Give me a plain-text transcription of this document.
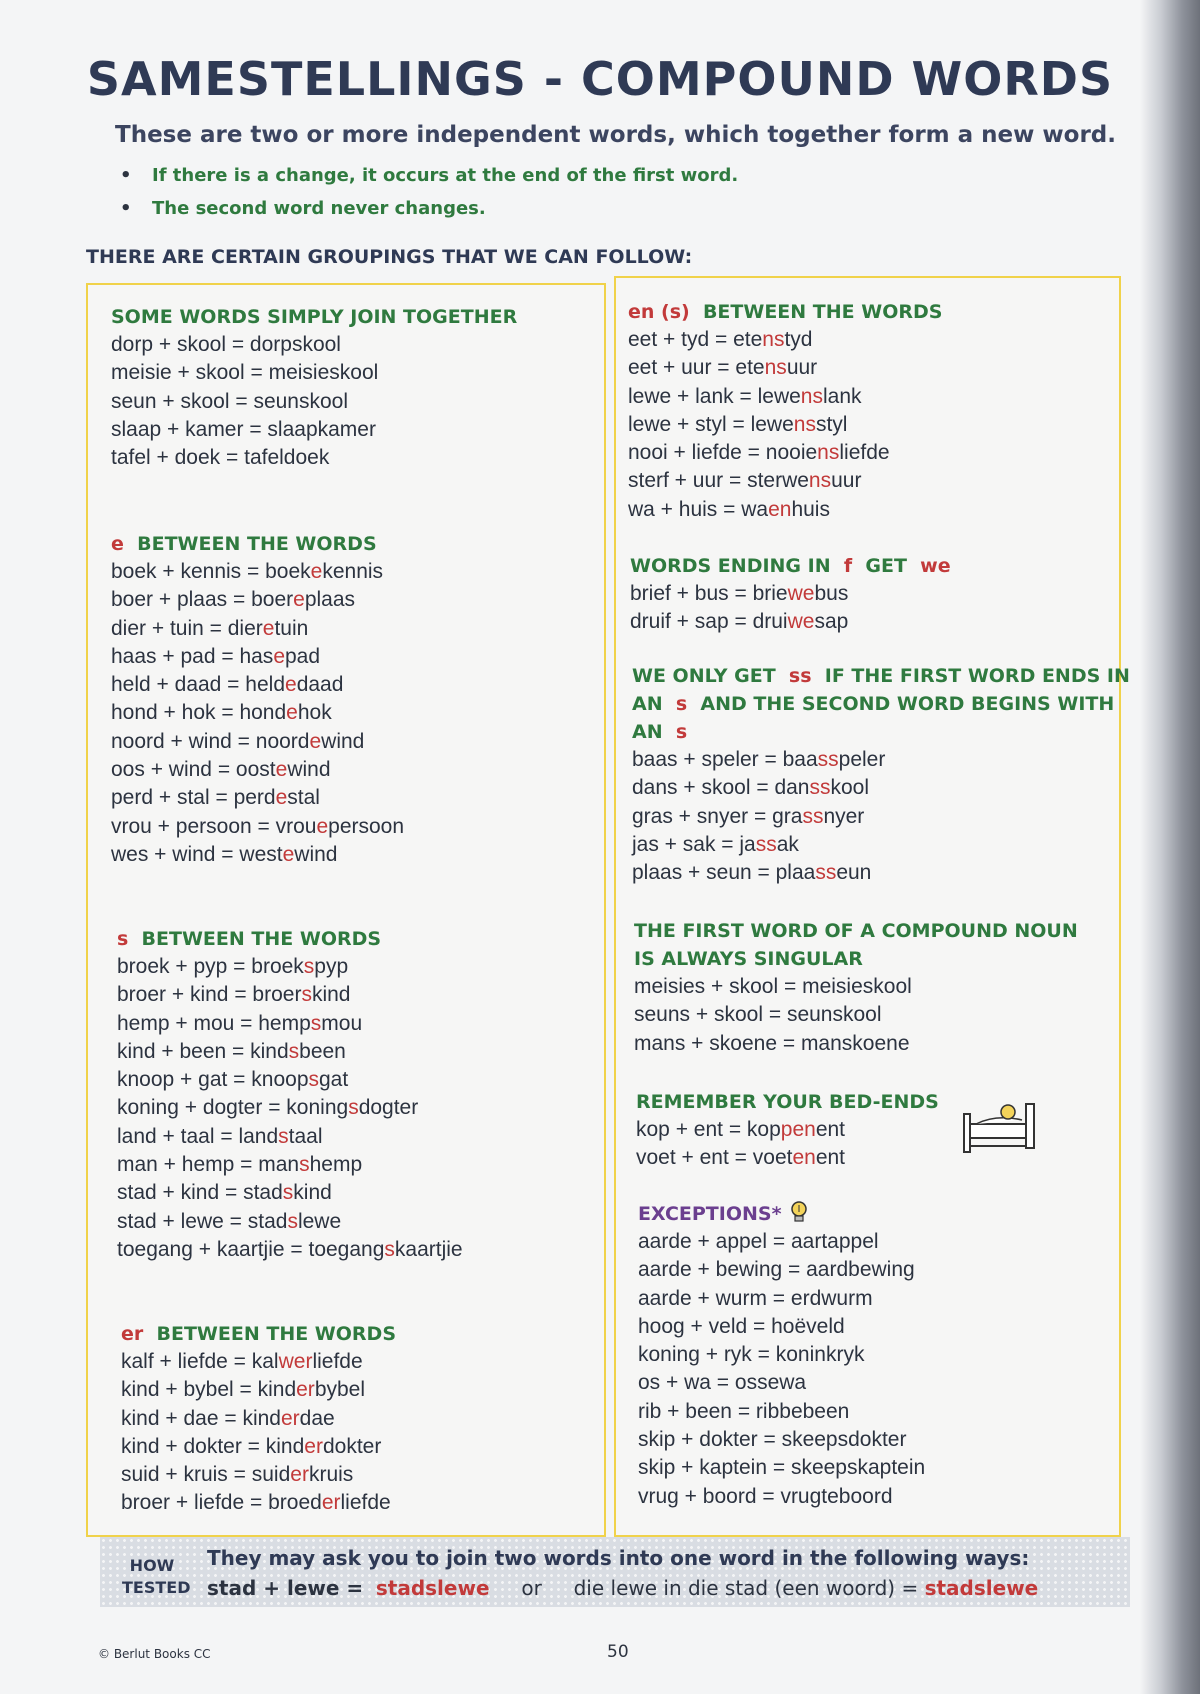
SAMESTELLINGS - COMPOUND WORDS
These are two or more independent words, which together form a new word.
• If there is a change, it occurs at the end of the first word.
• The second word never changes.
THERE ARE CERTAIN GROUPINGS THAT WE CAN FOLLOW:
SOME WORDS SIMPLY JOIN TOGETHER
dorp + skool = dorpskool
meisie + skool = meisieskool
seun + skool = seunskool
slaap + kamer = slaapkamer
tafel + doek = tafeldoek
e BETWEEN THE WORDS
boek + kennis = boekekennis
boer + plaas = boereplaas
dier + tuin = dieretuin
haas + pad = hasepad
held + daad = heldedaad
hond + hok = hondehok
noord + wind = noordewind
oos + wind = oostewind
perd + stal = perdestal
vrou + persoon = vrouepersoon
wes + wind = westewind
s BETWEEN THE WORDS
broek + pyp = broekspyp
broer + kind = broerskind
hemp + mou = hempsmou
kind + been = kindsbeen
knoop + gat = knoopsgat
koning + dogter = koningsdogter
land + taal = landstaal
man + hemp = manshemp
stad + kind = stadskind
stad + lewe = stadslewe
toegang + kaartjie = toegangskaartjie
er BETWEEN THE WORDS
kalf + liefde = kalwerliefde
kind + bybel = kinderbybel
kind + dae = kinderdae
kind + dokter = kinderdokter
suid + kruis = suiderkruis
broer + liefde = broederliefde
en (s) BETWEEN THE WORDS
eet + tyd = etenstyd
eet + uur = etensuur
lewe + lank = lewenslank
lewe + styl = lewensstyl
nooi + liefde = nooiensliefde
sterf + uur = sterwensuur
wa + huis = waenhuis
WORDS ENDING IN  f  GET  we
brief + bus = briewebus
druif + sap = druiwesap
WE ONLY GET  ss  IF THE FIRST WORD ENDS IN
AN  s  AND THE SECOND WORD BEGINS WITH
AN  s
baas + speler = baasspeler
dans + skool = dansskool
gras + snyer = grassnyer
jas + sak = jassak
plaas + seun = plaasseun
THE FIRST WORD OF A COMPOUND NOUN
IS ALWAYS SINGULAR
meisies + skool = meisieskool
seuns + skool = seunskool
mans + skoene = manskoene
REMEMBER YOUR BED-ENDS
kop + ent = koppenent
voet + ent = voetenent
EXCEPTIONS*
aarde + appel = aartappel
aarde + bewing = aardbewing
aarde + wurm = erdwurm
hoog + veld = hoëveld
koning + ryk = koninkryk
os + wa = ossewa
rib + been = ribbebeen
skip + dokter = skeepsdokter
skip + kaptein = skeepskaptein
vrug + boord = vrugteboord
HOW
TESTED
They may ask you to join two words into one word in the following ways:
stad + lewe = stadslewe or die lewe in die stad (een woord) = stadslewe
© Berlut Books CC	50
